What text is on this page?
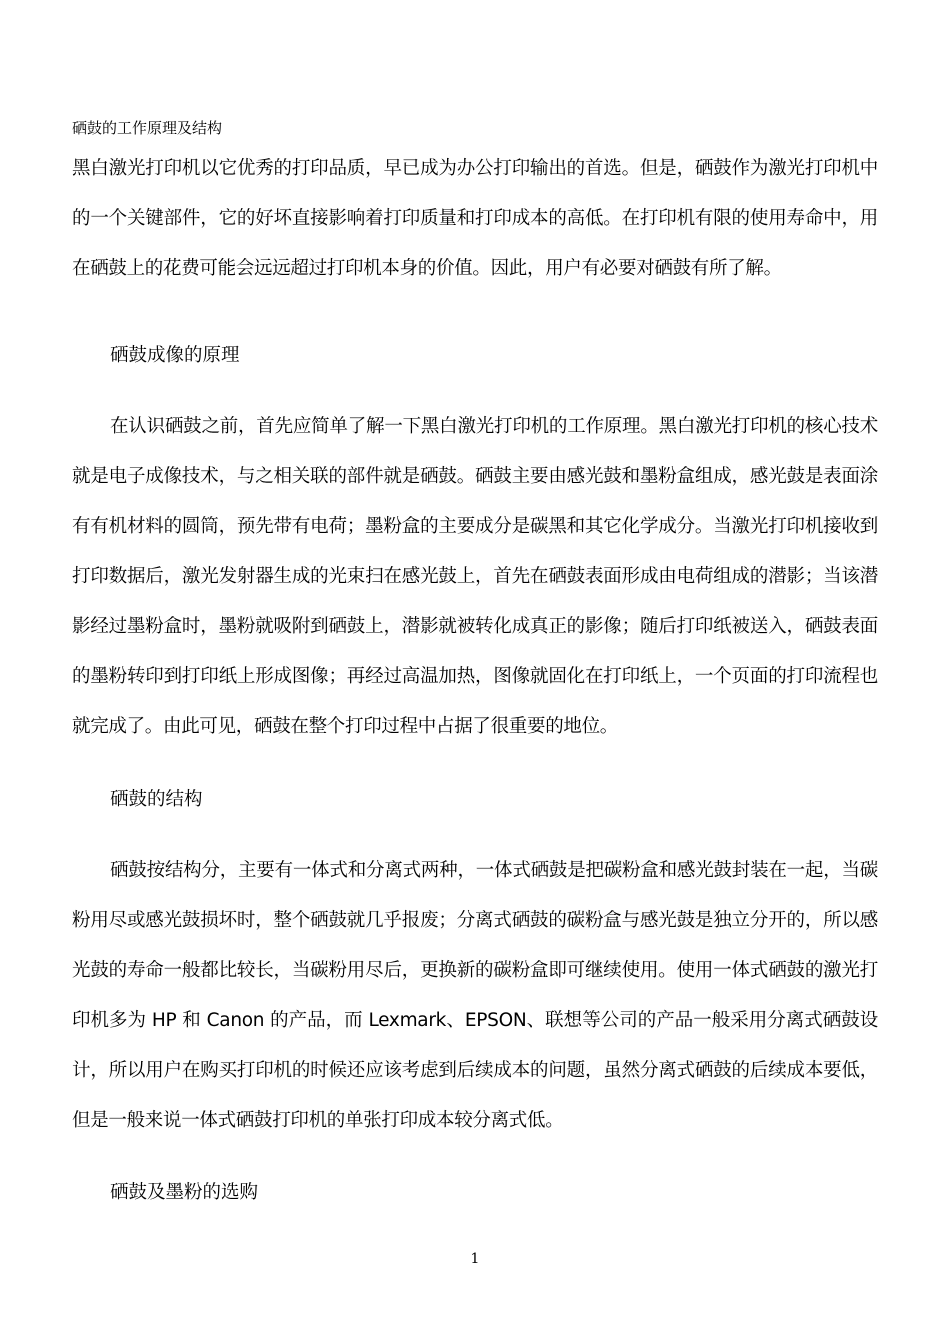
硒鼓的工作原理及结构

黑白激光打印机以它优秀的打印品质，早已成为办公打印输出的首选。但是，硒鼓作为激光打印机中的一个关键部件，它的好坏直接影响着打印质量和打印成本的高低。在打印机有限的使用寿命中，用在硒鼓上的花费可能会远远超过打印机本身的价值。因此，用户有必要对硒鼓有所了解。

硒鼓成像的原理

在认识硒鼓之前，首先应简单了解一下黑白激光打印机的工作原理。黑白激光打印机的核心技术就是电子成像技术，与之相关联的部件就是硒鼓。硒鼓主要由感光鼓和墨粉盒组成，感光鼓是表面涂有有机材料的圆筒，预先带有电荷；墨粉盒的主要成分是碳黑和其它化学成分。当激光打印机接收到打印数据后，激光发射器生成的光束扫在感光鼓上，首先在硒鼓表面形成由电荷组成的潜影；当该潜影经过墨粉盒时，墨粉就吸附到硒鼓上，潜影就被转化成真正的影像；随后打印纸被送入，硒鼓表面的墨粉转印到打印纸上形成图像；再经过高温加热，图像就固化在打印纸上，一个页面的打印流程也就完成了。由此可见，硒鼓在整个打印过程中占据了很重要的地位。

硒鼓的结构

硒鼓按结构分，主要有一体式和分离式两种，一体式硒鼓是把碳粉盒和感光鼓封装在一起，当碳粉用尽或感光鼓损坏时，整个硒鼓就几乎报废；分离式硒鼓的碳粉盒与感光鼓是独立分开的，所以感光鼓的寿命一般都比较长，当碳粉用尽后，更换新的碳粉盒即可继续使用。使用一体式硒鼓的激光打印机多为 HP 和 Canon 的产品，而 Lexmark、EPSON、联想等公司的产品一般采用分离式硒鼓设计，所以用户在购买打印机的时候还应该考虑到后续成本的问题，虽然分离式硒鼓的后续成本要低，但是一般来说一体式硒鼓打印机的单张打印成本较分离式低。

硒鼓及墨粉的选购
1
